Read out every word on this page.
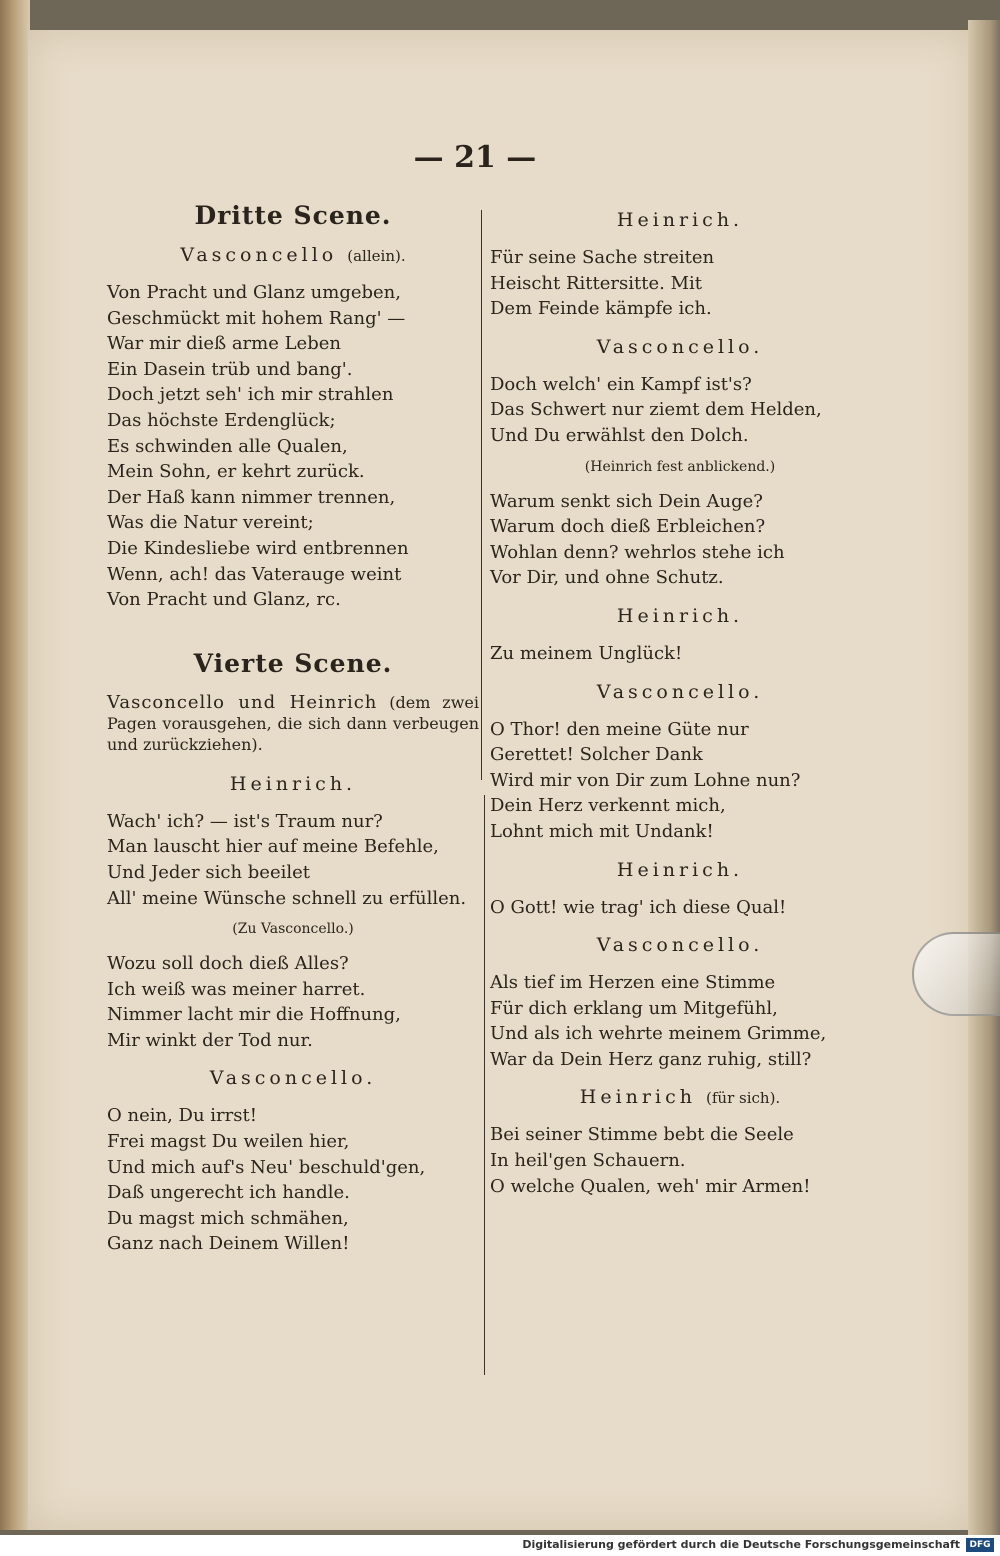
— 21 —
Dritte Scene.
Vasconcello (allein).
Von Pracht und Glanz umgeben,
Geschmückt mit hohem Rang' —
War mir dieß arme Leben
Ein Dasein trüb und bang'.
Doch jetzt seh' ich mir strahlen
Das höchste Erdenglück;
Es schwinden alle Qualen,
Mein Sohn, er kehrt zurück.
Der Haß kann nimmer trennen,
Was die Natur vereint;
Die Kindesliebe wird entbrennen
Wenn, ach! das Vaterauge weint
Von Pracht und Glanz, rc.
Vierte Scene.
Vasconcello und Heinrich (dem zwei Pagen vorausgehen, die sich dann verbeugen und zurückziehen).
Heinrich.
Wach' ich? — ist's Traum nur?
Man lauscht hier auf meine Befehle,
Und Jeder sich beeilet
All' meine Wünsche schnell zu erfüllen.
(Zu Vasconcello.)
Wozu soll doch dieß Alles?
Ich weiß was meiner harret.
Nimmer lacht mir die Hoffnung,
Mir winkt der Tod nur.
Vasconcello.
O nein, Du irrst!
Frei magst Du weilen hier,
Und mich auf's Neu' beschuld'gen,
Daß ungerecht ich handle.
Du magst mich schmähen,
Ganz nach Deinem Willen!
Heinrich.
Für seine Sache streiten
Heischt Rittersitte. Mit
Dem Feinde kämpfe ich.
Vasconcello.
Doch welch' ein Kampf ist's?
Das Schwert nur ziemt dem Helden,
Und Du erwählst den Dolch.
(Heinrich fest anblickend.)
Warum senkt sich Dein Auge?
Warum doch dieß Erbleichen?
Wohlan denn? wehrlos stehe ich
Vor Dir, und ohne Schutz.
Heinrich.
Zu meinem Unglück!
Vasconcello.
O Thor! den meine Güte nur
Gerettet! Solcher Dank
Wird mir von Dir zum Lohne nun?
Dein Herz verkennt mich,
Lohnt mich mit Undank!
Heinrich.
O Gott! wie trag' ich diese Qual!
Vasconcello.
Als tief im Herzen eine Stimme
Für dich erklang um Mitgefühl,
Und als ich wehrte meinem Grimme,
War da Dein Herz ganz ruhig, still?
Heinrich (für sich).
Bei seiner Stimme bebt die Seele
In heil'gen Schauern.
O welche Qualen, weh' mir Armen!
Digitalisierung gefördert durch die Deutsche Forschungsgemeinschaft	DFG
